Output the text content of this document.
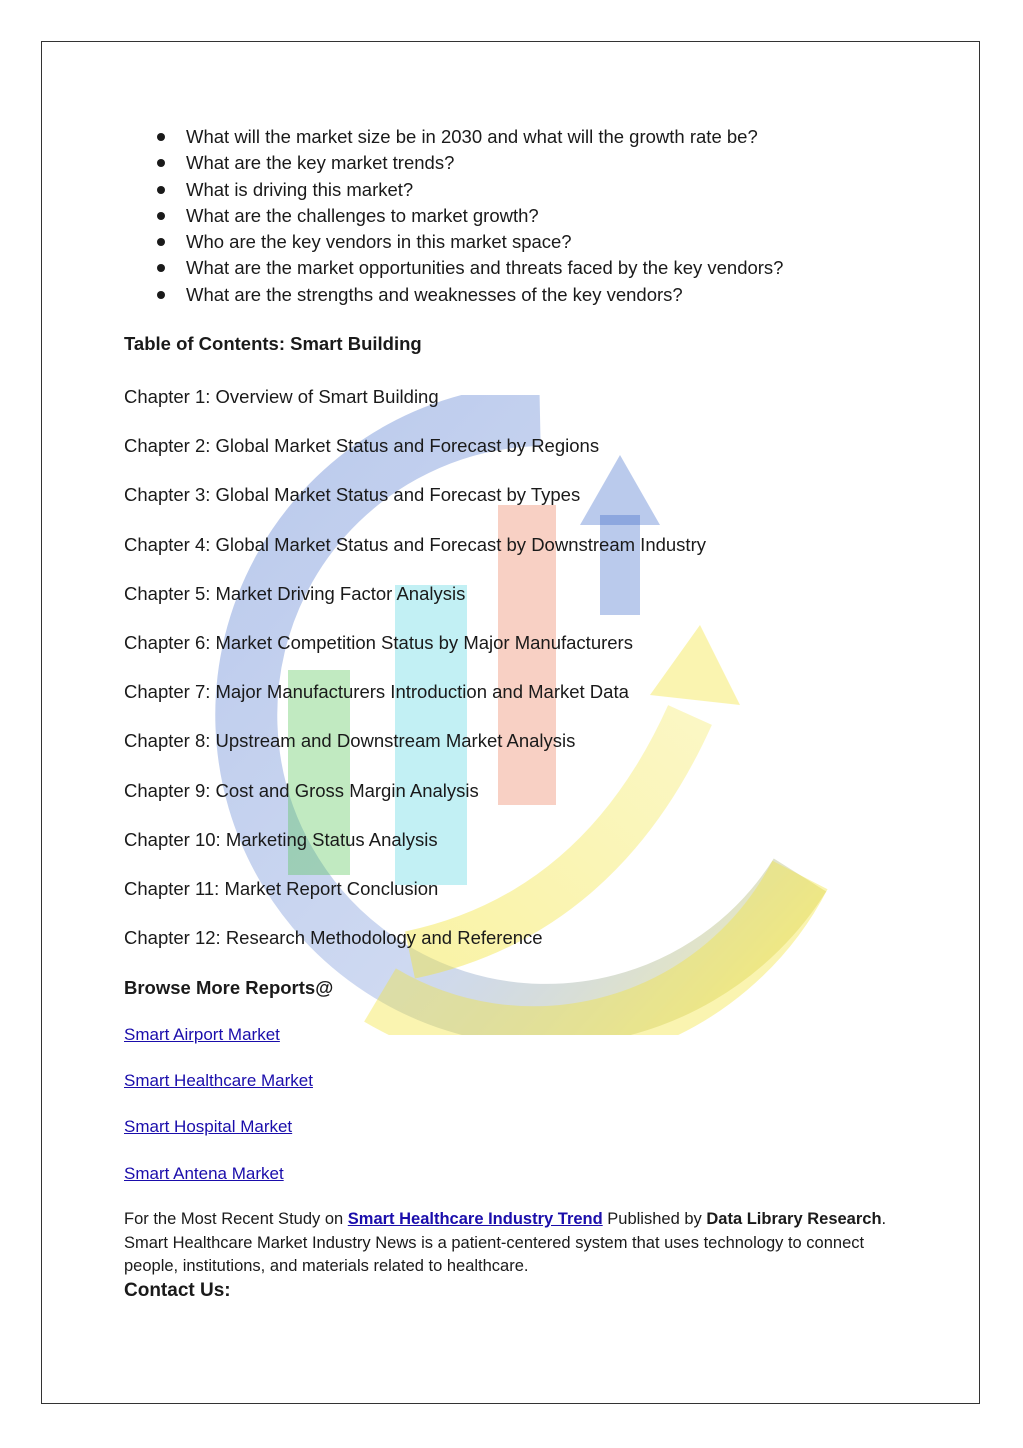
What will the market size be in 2030 and what will the growth rate be?
What are the key market trends?
What is driving this market?
What are the challenges to market growth?
Who are the key vendors in this market space?
What are the market opportunities and threats faced by the key vendors?
What are the strengths and weaknesses of the key vendors?
Table of Contents: Smart Building
Chapter 1: Overview of Smart Building
Chapter 2: Global Market Status and Forecast by Regions
Chapter 3: Global Market Status and Forecast by Types
Chapter 4: Global Market Status and Forecast by Downstream Industry
Chapter 5: Market Driving Factor Analysis
Chapter 6: Market Competition Status by Major Manufacturers
Chapter 7: Major Manufacturers Introduction and Market Data
Chapter 8: Upstream and Downstream Market Analysis
Chapter 9: Cost and Gross Margin Analysis
Chapter 10: Marketing Status Analysis
Chapter 11: Market Report Conclusion
Chapter 12: Research Methodology and Reference
Browse More Reports@
Smart Airport Market
Smart Healthcare Market
Smart Hospital Market
Smart Antena Market
For the Most Recent Study on Smart Healthcare Industry Trend Published by Data Library Research. Smart Healthcare Market Industry News is a patient-centered system that uses technology to connect people, institutions, and materials related to healthcare.
Contact Us:
